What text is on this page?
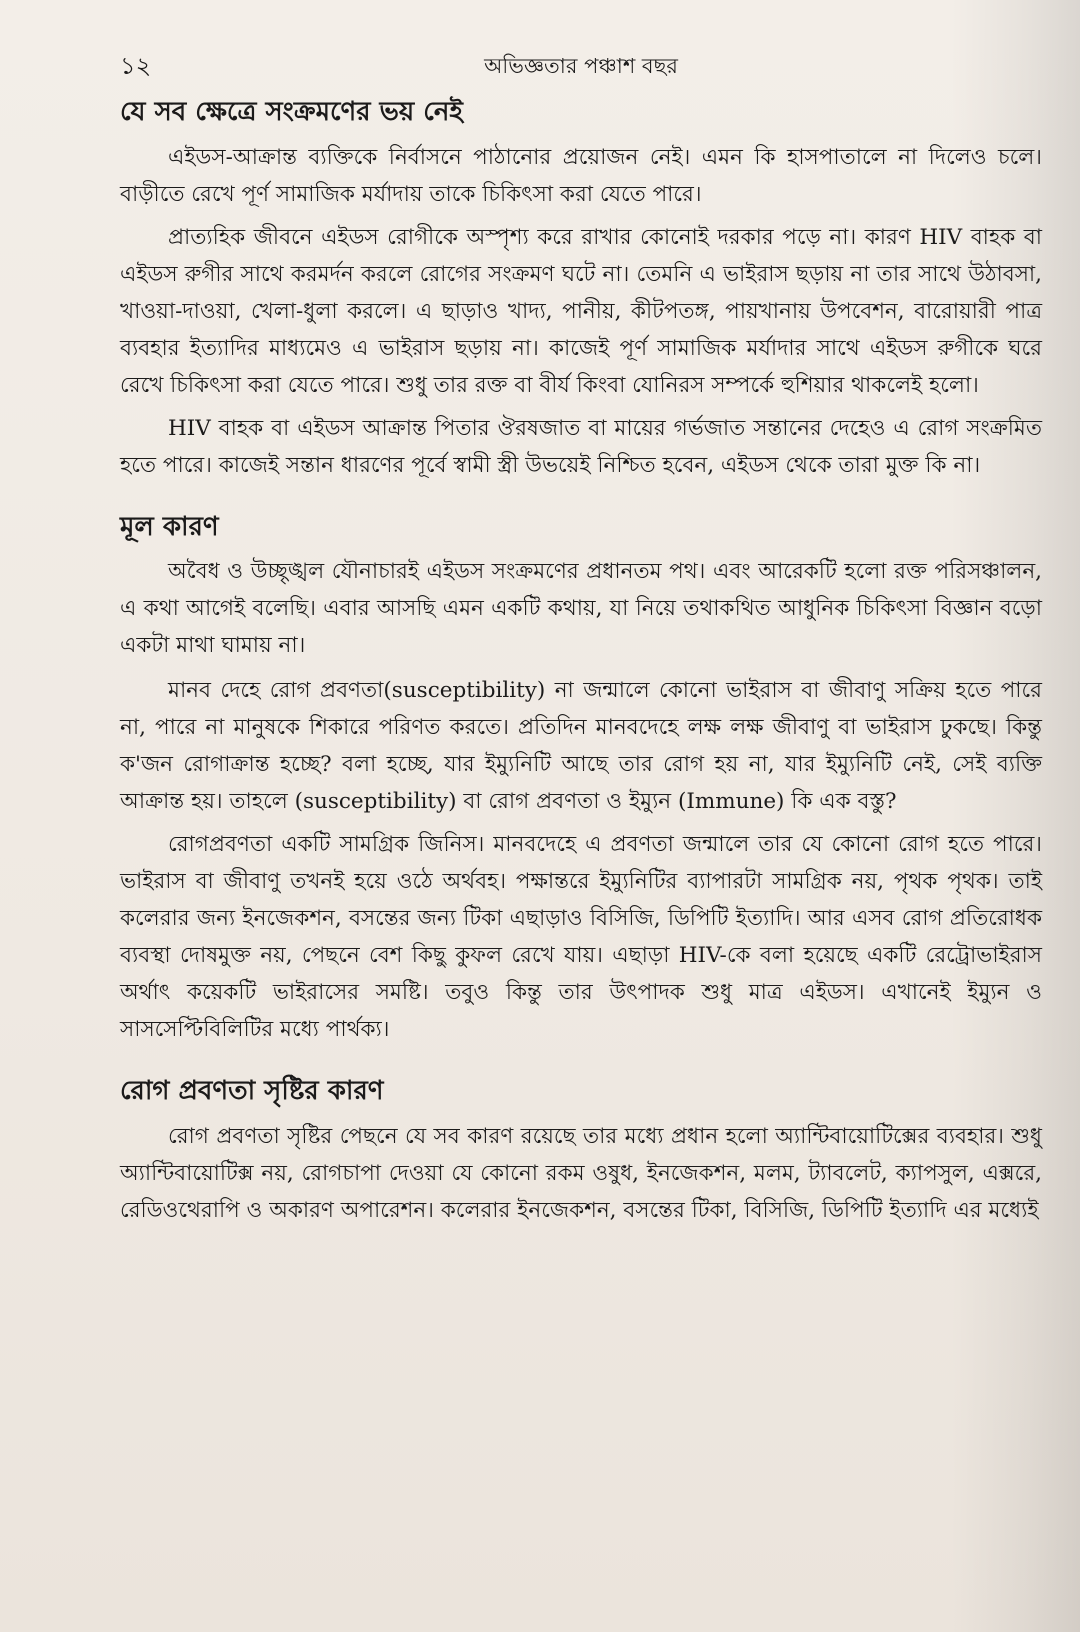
১২	অভিজ্ঞতার পঞ্চাশ বছর
যে সব ক্ষেত্রে সংক্রমণের ভয় নেই

এইডস-আক্রান্ত ব্যক্তিকে নির্বাসনে পাঠানোর প্রয়োজন নেই। এমন কি হাসপাতালে না দিলেও চলে। বাড়ীতে রেখে পূর্ণ সামাজিক মর্যাদায় তাকে চিকিৎসা করা যেতে পারে।

প্রাত্যহিক জীবনে এইডস রোগীকে অস্পৃশ্য করে রাখার কোনোই দরকার পড়ে না। কারণ HIV বাহক বা এইডস রুগীর সাথে করমর্দন করলে রোগের সংক্রমণ ঘটে না। তেমনি এ ভাইরাস ছড়ায় না তার সাথে উঠাবসা, খাওয়া-দাওয়া, খেলা-ধুলা করলে। এ ছাড়াও খাদ্য, পানীয়, কীটপতঙ্গ, পায়খানায় উপবেশন, বারোয়ারী পাত্র ব্যবহার ইত্যাদির মাধ্যমেও এ ভাইরাস ছড়ায় না। কাজেই পূর্ণ সামাজিক মর্যাদার সাথে এইডস রুগীকে ঘরে রেখে চিকিৎসা করা যেতে পারে। শুধু তার রক্ত বা বীর্য কিংবা যোনিরস সম্পর্কে হুশিয়ার থাকলেই হলো।

HIV বাহক বা এইডস আক্রান্ত পিতার ঔরষজাত বা মায়ের গর্ভজাত সন্তানের দেহেও এ রোগ সংক্রমিত হতে পারে। কাজেই সন্তান ধারণের পূর্বে স্বামী স্ত্রী উভয়েই নিশ্চিত হবেন, এইডস থেকে তারা মুক্ত কি না।

মূল কারণ

অবৈধ ও উচ্ছৃঙ্খল যৌনাচারই এইডস সংক্রমণের প্রধানতম পথ। এবং আরেকটি হলো রক্ত পরিসঞ্চালন, এ কথা আগেই বলেছি। এবার আসছি এমন একটি কথায়, যা নিয়ে তথাকথিত আধুনিক চিকিৎসা বিজ্ঞান বড়ো একটা মাথা ঘামায় না।

মানব দেহে রোগ প্রবণতা(susceptibility) না জন্মালে কোনো ভাইরাস বা জীবাণু সক্রিয় হতে পারে না, পারে না মানুষকে শিকারে পরিণত করতে। প্রতিদিন মানবদেহে লক্ষ লক্ষ জীবাণু বা ভাইরাস ঢুকছে। কিন্তু ক'জন রোগাক্রান্ত হচ্ছে? বলা হচ্ছে, যার ইম্যুনিটি আছে তার রোগ হয় না, যার ইম্যুনিটি নেই, সেই ব্যক্তি আক্রান্ত হয়। তাহলে (susceptibility) বা রোগ প্রবণতা ও ইম্যুন (Immune) কি এক বস্তু?

রোগপ্রবণতা একটি সামগ্রিক জিনিস। মানবদেহে এ প্রবণতা জন্মালে তার যে কোনো রোগ হতে পারে। ভাইরাস বা জীবাণু তখনই হয়ে ওঠে অর্থবহ। পক্ষান্তরে ইম্যুনিটির ব্যাপারটা সামগ্রিক নয়, পৃথক পৃথক। তাই কলেরার জন্য ইনজেকশন, বসন্তের জন্য টিকা এছাড়াও বিসিজি, ডিপিটি ইত্যাদি। আর এসব রোগ প্রতিরোধক ব্যবস্থা দোষমুক্ত নয়, পেছনে বেশ কিছু কুফল রেখে যায়। এছাড়া HIV-কে বলা হয়েছে একটি রেট্রোভাইরাস অর্থাৎ কয়েকটি ভাইরাসের সমষ্টি। তবুও কিন্তু তার উৎপাদক শুধু মাত্র এইডস। এখানেই ইম্যুন ও সাসসেপ্টিবিলিটির মধ্যে পার্থক্য।

রোগ প্রবণতা সৃষ্টির কারণ

রোগ প্রবণতা সৃষ্টির পেছনে যে সব কারণ রয়েছে তার মধ্যে প্রধান হলো অ্যান্টিবায়োটিক্সের ব্যবহার। শুধু অ্যান্টিবায়োটিক্স নয়, রোগচাপা দেওয়া যে কোনো রকম ওষুধ, ইনজেকশন, মলম, ট্যাবলেট, ক্যাপসুল, এক্সরে, রেডিওথেরাপি ও অকারণ অপারেশন। কলেরার ইনজেকশন, বসন্তের টিকা, বিসিজি, ডিপিটি ইত্যাদি এর মধ্যেই
